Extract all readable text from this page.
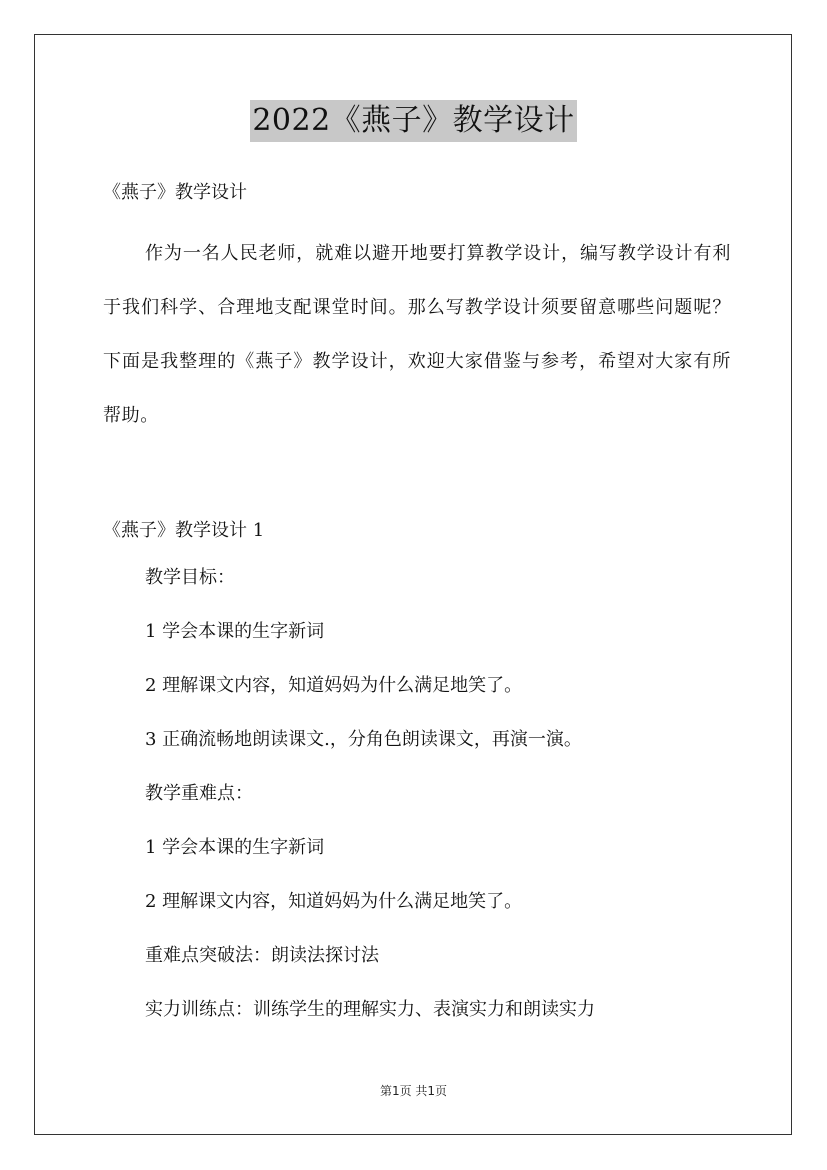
2022《燕子》教学设计

《燕子》教学设计

作为一名人民老师，就难以避开地要打算教学设计，编写教学设计有利于我们科学、合理地支配课堂时间。那么写教学设计须要留意哪些问题呢？下面是我整理的《燕子》教学设计，欢迎大家借鉴与参考，希望对大家有所帮助。

《燕子》教学设计 1

教学目标：

1 学会本课的生字新词

2 理解课文内容，知道妈妈为什么满足地笑了。

3 正确流畅地朗读课文.，分角色朗读课文，再演一演。

教学重难点：

1 学会本课的生字新词

2 理解课文内容，知道妈妈为什么满足地笑了。

重难点突破法：朗读法探讨法

实力训练点：训练学生的理解实力、表演实力和朗读实力

第1页 共1页
